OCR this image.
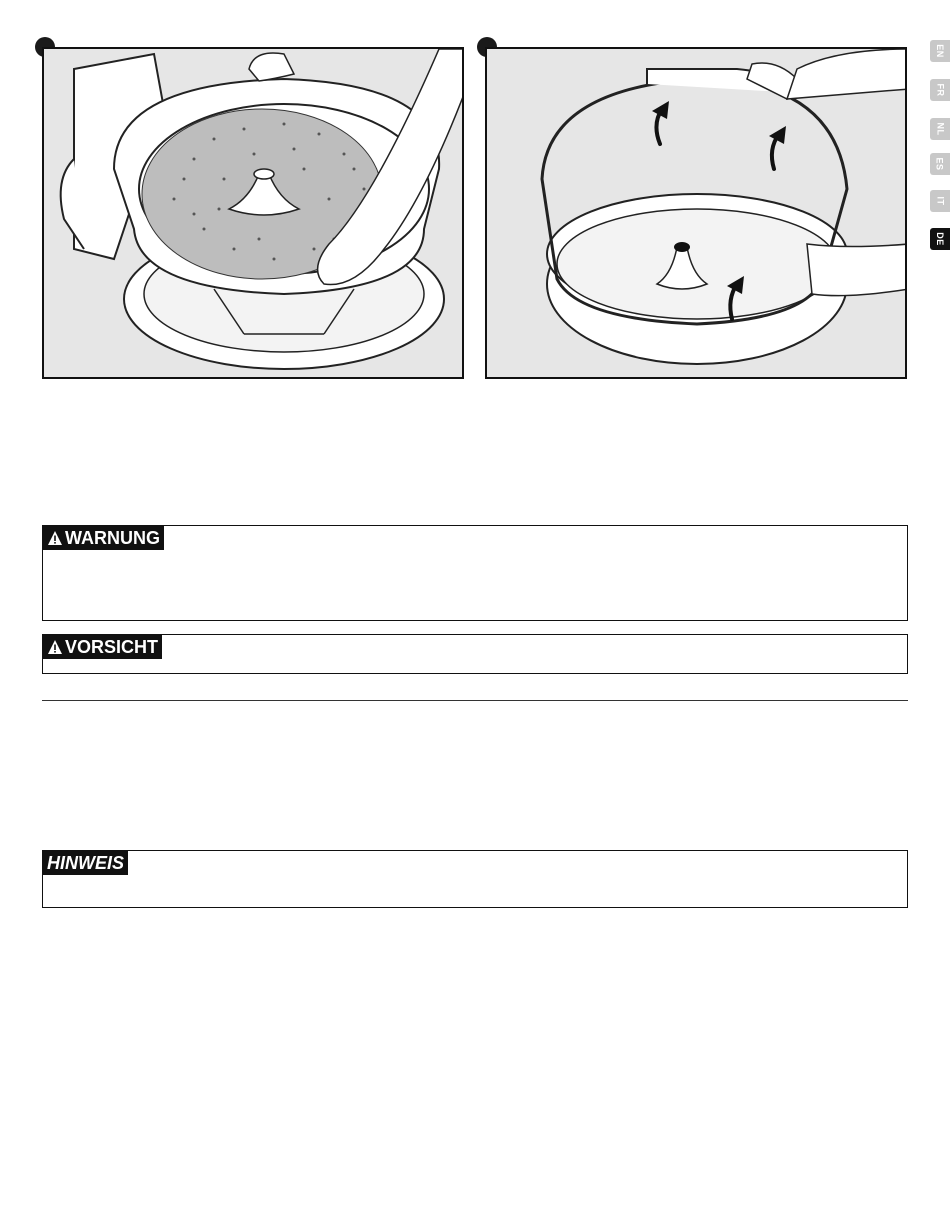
EN
FR
NL
ES
IT
DE
WARNUNG
VORSICHT
HINWEIS
